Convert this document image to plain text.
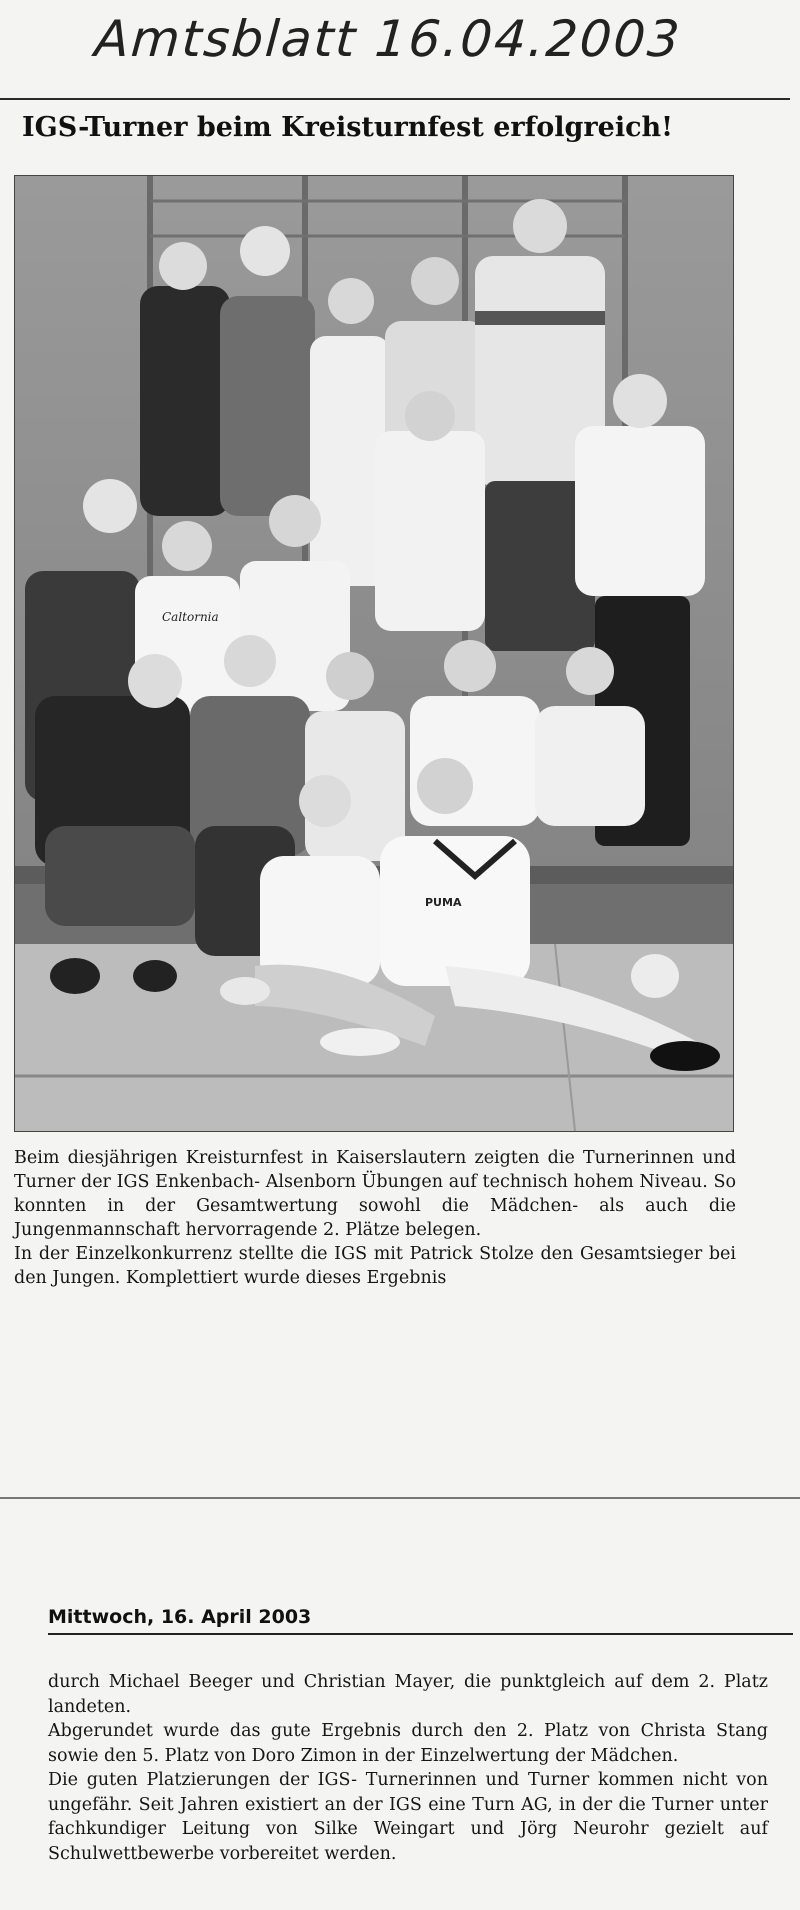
Amtsblatt 16.04.2003
IGS-Turner beim Kreisturnfest erfolgreich!
Caltornia
PUMA

Beim diesjährigen Kreisturnfest in Kaiserslautern zeigten die Turnerinnen und Turner der IGS Enkenbach- Alsenborn Übungen auf technisch hohem Niveau. So konnten in der Gesamtwertung sowohl die Mädchen- als auch die Jungenmannschaft hervorragende 2. Plätze belegen.

In der Einzelkonkurrenz stellte die IGS mit Patrick Stolze den Gesamtsieger bei den Jungen. Komplettiert wurde dieses Ergebnis

Mittwoch, 16. April 2003

durch Michael Beeger und Christian Mayer, die punktgleich auf dem 2. Platz landeten.

Abgerundet wurde das gute Ergebnis durch den 2. Platz von Christa Stang sowie den 5. Platz von Doro Zimon in der Einzelwertung der Mädchen.

Die guten Platzierungen der IGS- Turnerinnen und Turner kommen nicht von ungefähr. Seit Jahren existiert an der IGS eine Turn AG, in der die Turner unter fachkundiger Leitung von Silke Weingart und Jörg Neurohr gezielt auf Schulwettbewerbe vorbereitet werden.
